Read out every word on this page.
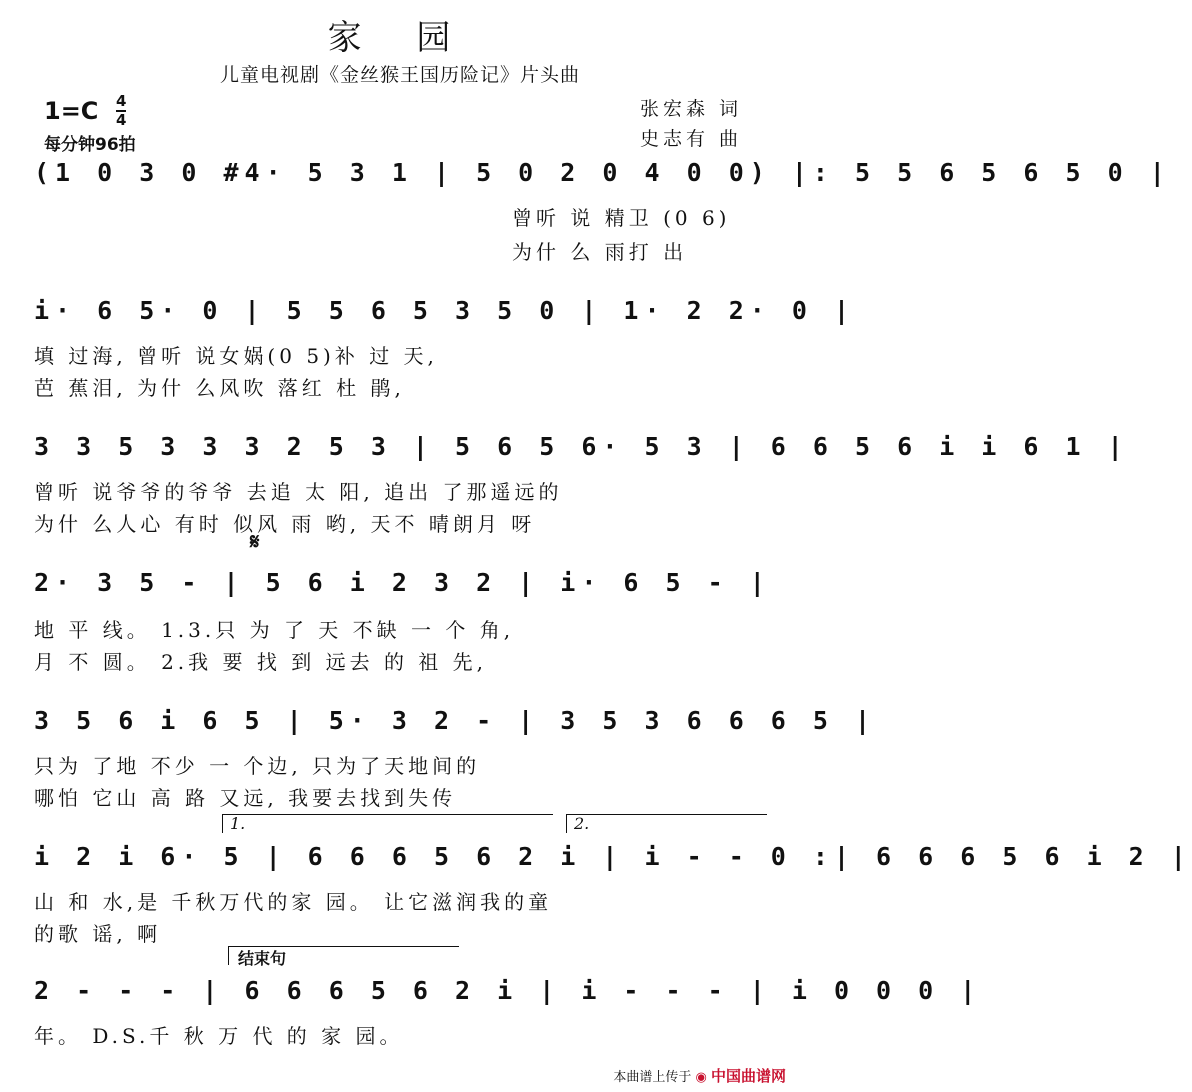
家 园
儿童电视剧《金丝猴王国历险记》片头曲
张宏森 词
史志有 曲
1=C 4
4
每分钟96拍
(1 0 3 0 #4· 5 3 1 | 5 0 2 0 4 0 0) |: 5 5 6 5 6 5 0 |
曾听 说 精卫 (0 6)
为什 么 雨打 出
i· 6 5· 0 | 5 5 6 5 3 5 0 | 1· 2 2· 0 |
填 过海, 曾听 说女娲(0 5)补 过 天,
芭 蕉泪, 为什 么风吹 落红 杜 鹃,
3 3 5 3 3 3 2 5 3 | 5 6 5 6· 5 3 | 6 6 5 6 i i 6 1 |
曾听 说爷爷的爷爷 去追 太 阳, 追出 了那遥远的
为什 么人心 有时 似风 雨 哟, 天不 晴朗月 呀
𝄋
2· 3 5 - | 5 6 i 2 3 2 | i· 6 5 - |
地 平 线。 1.3.只 为 了 天 不缺 一 个 角,
月 不 圆。 2.我 要 找 到 远去 的 祖 先,
3 5 6 i 6 5 | 5· 3 2 - | 3 5 3 6 6 6 5 |
只为 了地 不少 一 个边, 只为了天地间的
哪怕 它山 高 路 又远, 我要去找到失传
1.	2.
i 2 i 6· 5 | 6 6 6 5 6 2 i | i - - 0 :| 6 6 6 5 6 i 2 |
山 和 水,是 千秋万代的家 园。 让它滋润我的童
的歌 谣, 啊
结束句
2 - - - | 6 6 6 5 6 2 i | i - - - | i 0 0 0 |
年。 D.S.千 秋 万 代 的 家 园。
本曲谱上传于 ◉ 中国曲谱网
